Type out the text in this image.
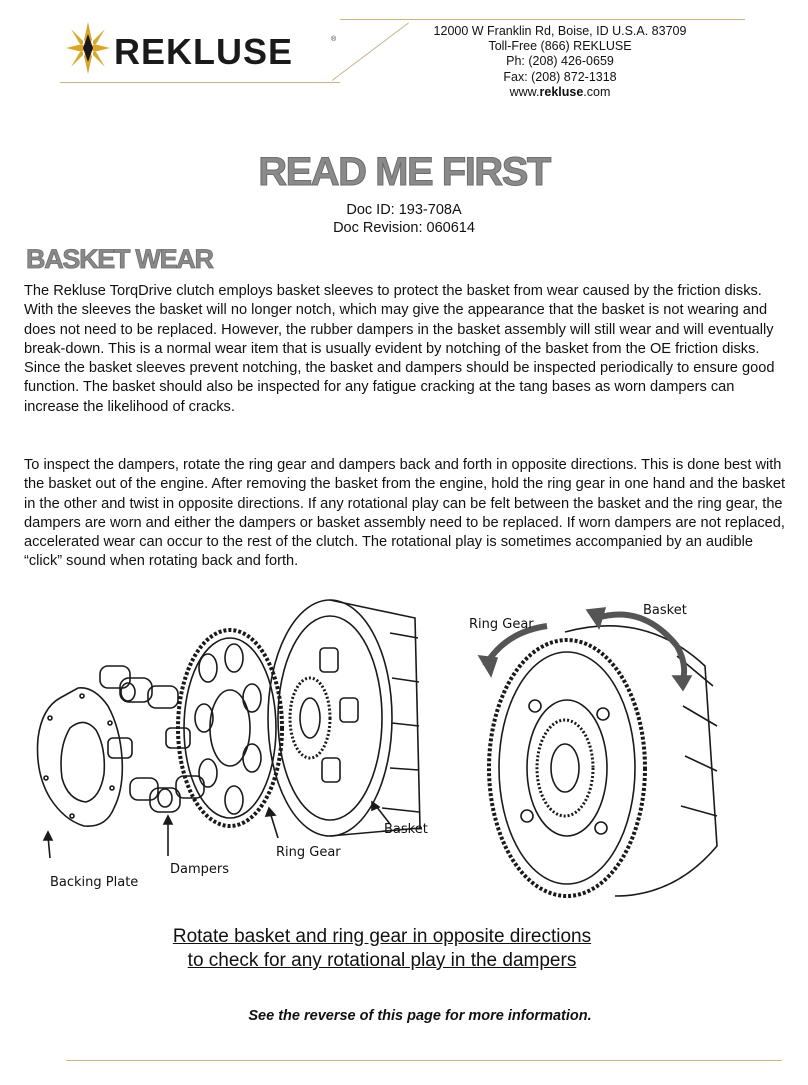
REKLUSE	®
12000 W Franklin Rd, Boise, ID U.S.A. 83709
Toll-Free (866) REKLUSE
Ph: (208) 426-0659
Fax: (208) 872-1318
www.rekluse.com
READ ME FIRST
Doc ID: 193-708A
Doc Revision: 060614
BASKET WEAR

The Rekluse TorqDrive clutch employs basket sleeves to protect the basket from wear caused by the friction disks. With the sleeves the basket will no longer notch, which may give the appearance that the basket is not wearing and does not need to be replaced. However, the rubber dampers in the basket assembly will still wear and will eventually break-down. This is a normal wear item that is usually evident by notching of the basket from the OE friction disks. Since the basket sleeves prevent notching, the basket and dampers should be inspected periodically to ensure good function. The basket should also be inspected for any fatigue cracking at the tang bases as worn dampers can increase the likelihood of cracks.

To inspect the dampers, rotate the ring gear and dampers back and forth in opposite directions. This is done best with the basket out of the engine. After removing the basket from the engine, hold the ring gear in one hand and the basket in the other and twist in opposite directions. If any rotational play can be felt between the basket and the ring gear, the dampers are worn and either the dampers or basket assembly need to be replaced. If worn dampers are not replaced, accelerated wear can occur to the rest of the clutch. The rotational play is sometimes accompanied by an audible “click” sound when rotating back and forth.

Backing Plate
Dampers
Ring Gear
Basket
Ring Gear
Basket
Rotate basket and ring gear in opposite directions
to check for any rotational play in the dampers
See the reverse of this page for more information.
